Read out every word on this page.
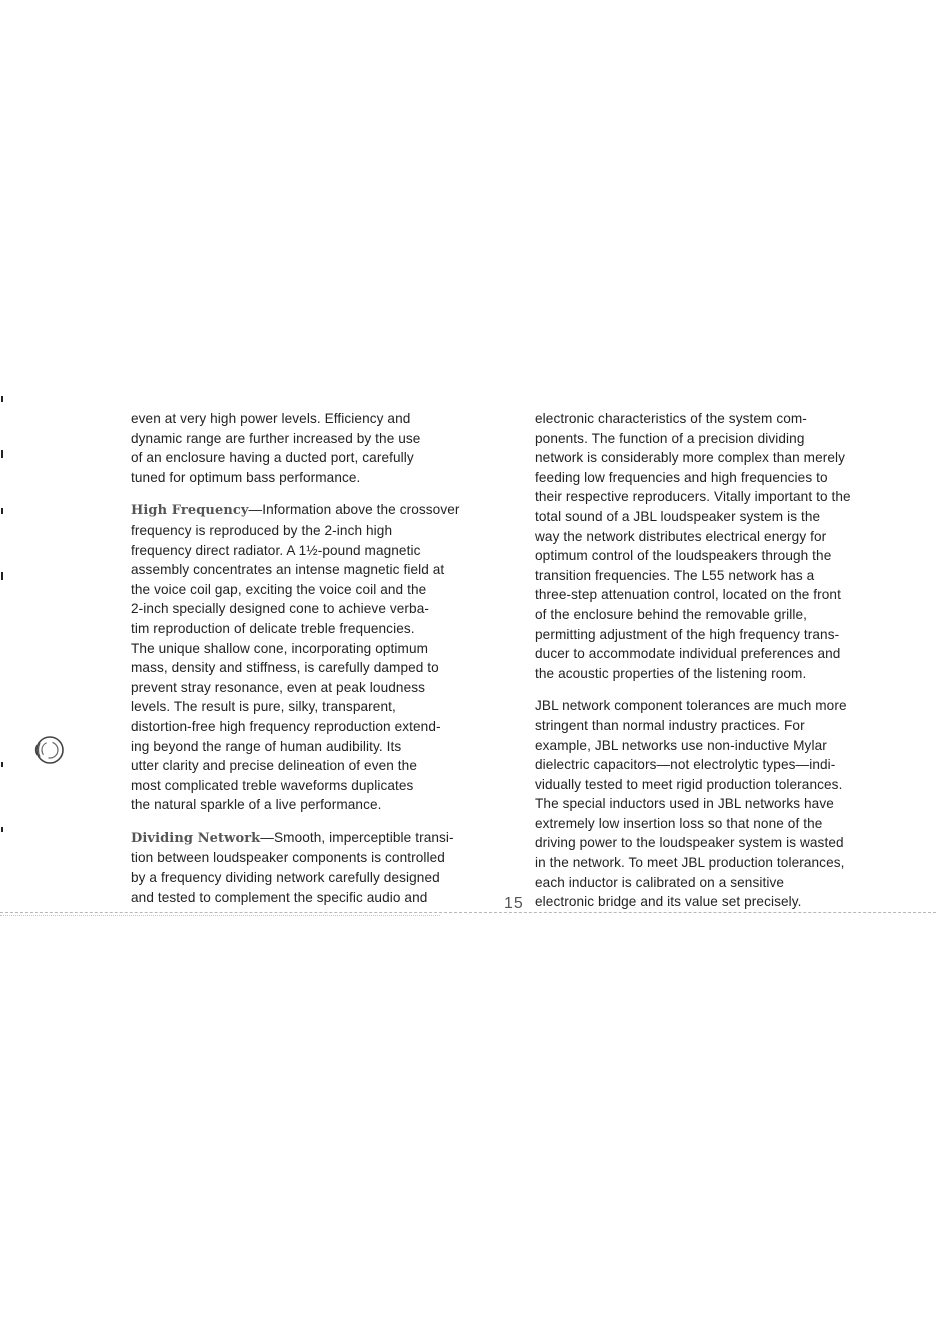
even at very high power levels. Efficiency and
dynamic range are further increased by the use
of an enclosure having a ducted port, carefully
tuned for optimum bass performance.

High Frequency—Information above the crossover
frequency is reproduced by the 2-inch high
frequency direct radiator. A 1½-pound magnetic
assembly concentrates an intense magnetic field at
the voice coil gap, exciting the voice coil and the
2-inch specially designed cone to achieve verba-
tim reproduction of delicate treble frequencies.
The unique shallow cone, incorporating optimum
mass, density and stiffness, is carefully damped to
prevent stray resonance, even at peak loudness
levels. The result is pure, silky, transparent,
distortion-free high frequency reproduction extend-
ing beyond the range of human audibility. Its
utter clarity and precise delineation of even the
most complicated treble waveforms duplicates
the natural sparkle of a live performance.

Dividing Network—Smooth, imperceptible transi-
tion between loudspeaker components is controlled
by a frequency dividing network carefully designed
and tested to complement the specific audio and

electronic characteristics of the system com-
ponents. The function of a precision dividing
network is considerably more complex than merely
feeding low frequencies and high frequencies to
their respective reproducers. Vitally important to the
total sound of a JBL loudspeaker system is the
way the network distributes electrical energy for
optimum control of the loudspeakers through the
transition frequencies. The L55 network has a
three-step attenuation control, located on the front
of the enclosure behind the removable grille,
permitting adjustment of the high frequency trans-
ducer to accommodate individual preferences and
the acoustic properties of the listening room.

JBL network component tolerances are much more
stringent than normal industry practices. For
example, JBL networks use non-inductive Mylar
dielectric capacitors—not electrolytic types—indi-
vidually tested to meet rigid production tolerances.
The special inductors used in JBL networks have
extremely low insertion loss so that none of the
driving power to the loudspeaker system is wasted
in the network. To meet JBL production tolerances,
each inductor is calibrated on a sensitive
electronic bridge and its value set precisely.

15
